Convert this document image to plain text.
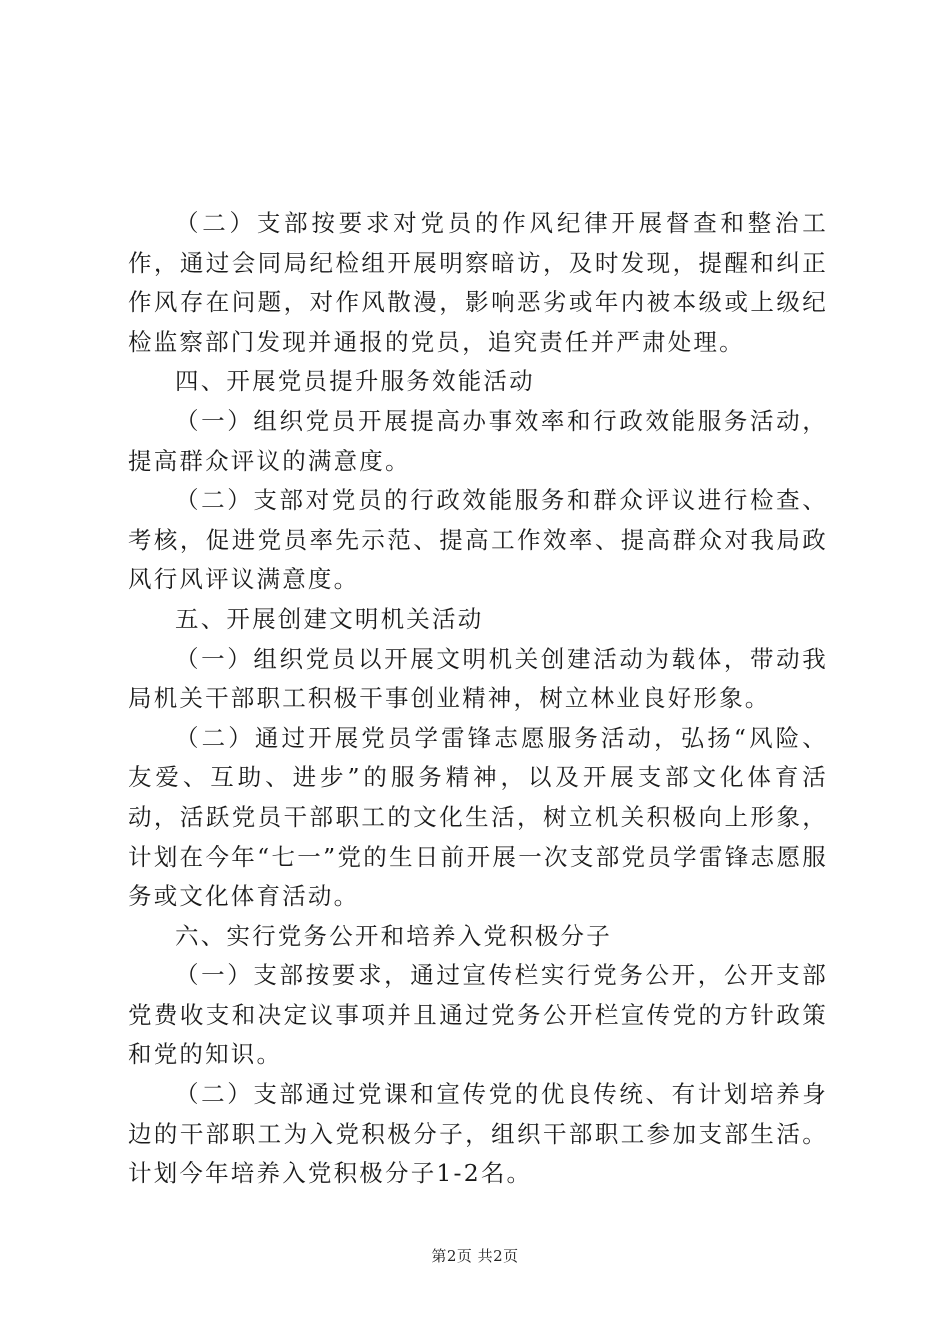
（二）支部按要求对党员的作风纪律开展督查和整治工作，通过会同局纪检组开展明察暗访，及时发现，提醒和纠正作风存在问题，对作风散漫，影响恶劣或年内被本级或上级纪检监察部门发现并通报的党员，追究责任并严肃处理。

四、开展党员提升服务效能活动

（一）组织党员开展提高办事效率和行政效能服务活动，提高群众评议的满意度。

（二）支部对党员的行政效能服务和群众评议进行检查、考核，促进党员率先示范、提高工作效率、提高群众对我局政风行风评议满意度。

五、开展创建文明机关活动

（一）组织党员以开展文明机关创建活动为载体，带动我局机关干部职工积极干事创业精神，树立林业良好形象。

（二）通过开展党员学雷锋志愿服务活动，弘扬“风险、友爱、互助、进步”的服务精神，以及开展支部文化体育活动，活跃党员干部职工的文化生活，树立机关积极向上形象，计划在今年“七一”党的生日前开展一次支部党员学雷锋志愿服务或文化体育活动。

六、实行党务公开和培养入党积极分子

（一）支部按要求，通过宣传栏实行党务公开，公开支部党费收支和决定议事项并且通过党务公开栏宣传党的方针政策和党的知识。

（二）支部通过党课和宣传党的优良传统、有计划培养身边的干部职工为入党积极分子，组织干部职工参加支部生活。计划今年培养入党积极分子1-2名。

第2页 共2页
